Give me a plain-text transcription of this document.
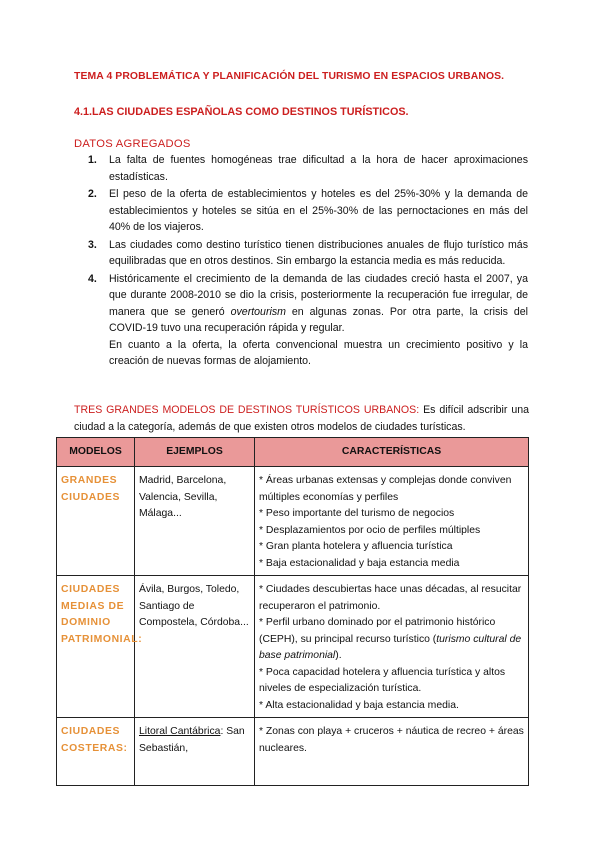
TEMA 4 PROBLEMÁTICA Y PLANIFICACIÓN DEL TURISMO EN ESPACIOS URBANOS.
4.1.LAS CIUDADES ESPAÑOLAS COMO DESTINOS TURÍSTICOS.
DATOS AGREGADOS
1. La falta de fuentes homogéneas trae dificultad a la hora de hacer aproximaciones estadísticas.
2. El peso de la oferta de establecimientos y hoteles es del 25%-30% y la demanda de establecimientos y hoteles se sitúa en el 25%-30% de las pernoctaciones en más del 40% de los viajeros.
3. Las ciudades como destino turístico tienen distribuciones anuales de flujo turístico más equilibradas que en otros destinos. Sin embargo la estancia media es más reducida.
4. Históricamente el crecimiento de la demanda de las ciudades creció hasta el 2007, ya que durante 2008-2010 se dio la crisis, posteriormente la recuperación fue irregular, de manera que se generó overtourism en algunas zonas. Por otra parte, la crisis del COVID-19 tuvo una recuperación rápida y regular.
En cuanto a la oferta, la oferta convencional muestra un crecimiento positivo y la creación de nuevas formas de alojamiento.
TRES GRANDES MODELOS DE DESTINOS TURÍSTICOS URBANOS: Es difícil adscribir una ciudad a la categoría, además de que existen otros modelos de ciudades turísticas.
MODELOS	EJEMPLOS	CARACTERÍSTICAS
GRANDES CIUDADES	Madrid, Barcelona, Valencia, Sevilla, Málaga...	* Áreas urbanas extensas y complejas donde conviven múltiples economías y perfiles
* Peso importante del turismo de negocios
* Desplazamientos por ocio de perfiles múltiples
* Gran planta hotelera y afluencia turística
* Baja estacionalidad y baja estancia media

CIUDADES MEDIAS DE DOMINIO PATRIMONIAL:	Ávila, Burgos, Toledo, Santiago de Compostela, Córdoba...	* Ciudades descubiertas hace unas décadas, al resucitar recuperaron el patrimonio.
* Perfil urbano dominado por el patrimonio histórico (CEPH), su principal recurso turístico (turismo cultural de base patrimonial).
* Poca capacidad hotelera y afluencia turística y altos niveles de especialización turística.
* Alta estacionalidad y baja estancia media.

CIUDADES COSTERAS:	Litoral Cantábrica: San Sebastián,	* Zonas con playa + cruceros + náutica de recreo + áreas nucleares.
